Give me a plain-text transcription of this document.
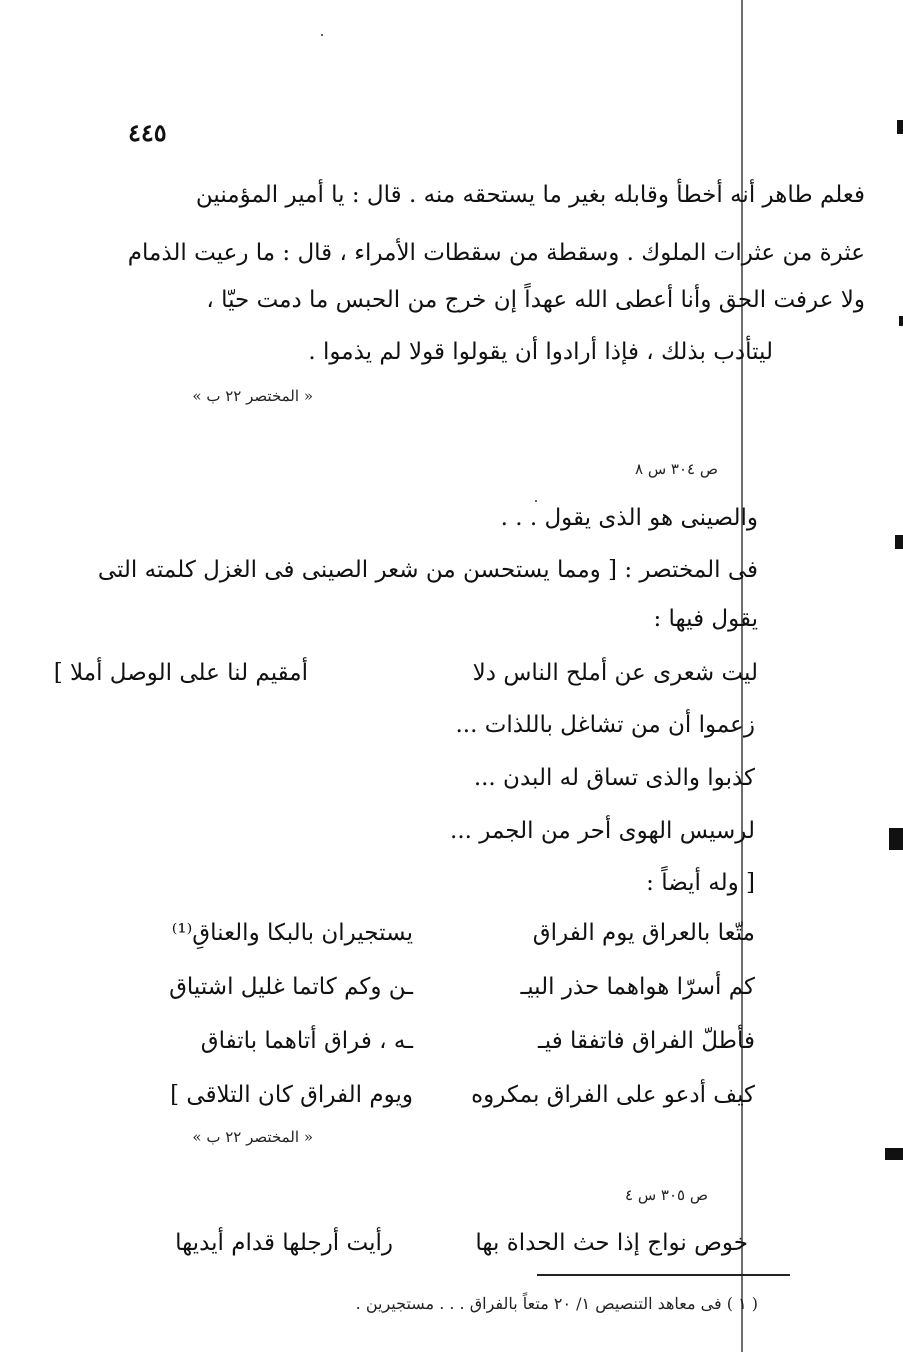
٤٤٥
فعلم طاهر أنه أخطأ وقابله بغير ما يستحقه منه . قال : يا أمير المؤمنين
عثرة من عثرات الملوك . وسقطة من سقطات الأمراء ، قال : ما رعيت الذمام
ولا عرفت الحق وأنا أعطى الله عهداً إن خرج من الحبس ما دمت حيّا ،
ليتأدب بذلك ، فإذا أرادوا أن يقولوا قولا لم يذموا .
« المختصر ٢٢ ب »
ص ٣٠٤ س ٨
والصينى هو الذى يقول . . .
فى المختصر : [ ومما يستحسن من شعر الصينى فى الغزل كلمته التى
يقول فيها :
ليت شعرى عن أملح الناس دلا
أمقيم لنا على الوصل أملا ]
زعموا أن من تشاغل باللذات ...
كذبوا والذى تساق له البدن ...
لرسيس الهوى أحر من الجمر ...
[ وله أيضاً :
متّعا بالعراق يوم الفراق
يستجيران بالبكا والعناقِ⁽¹⁾
كم أسرّا هواهما حذر البيـ
ـن وكم كاتما غليل اشتياق
فأطلّ الفراق فاتفقا فيـ
ـه ، فراق أتاهما باتفاق
كيف أدعو على الفراق بمكروه
ويوم الفراق كان التلاقى ]
« المختصر ٢٢ ب »
ص ٣٠٥ س ٤
خوص نواج إذا حث الحداة بها
رأيت أرجلها قدام أيديها
( ١ ) فى معاهد التنصيص ١/ ٢٠ متعاً بالفراق . . . مستجيرين .
